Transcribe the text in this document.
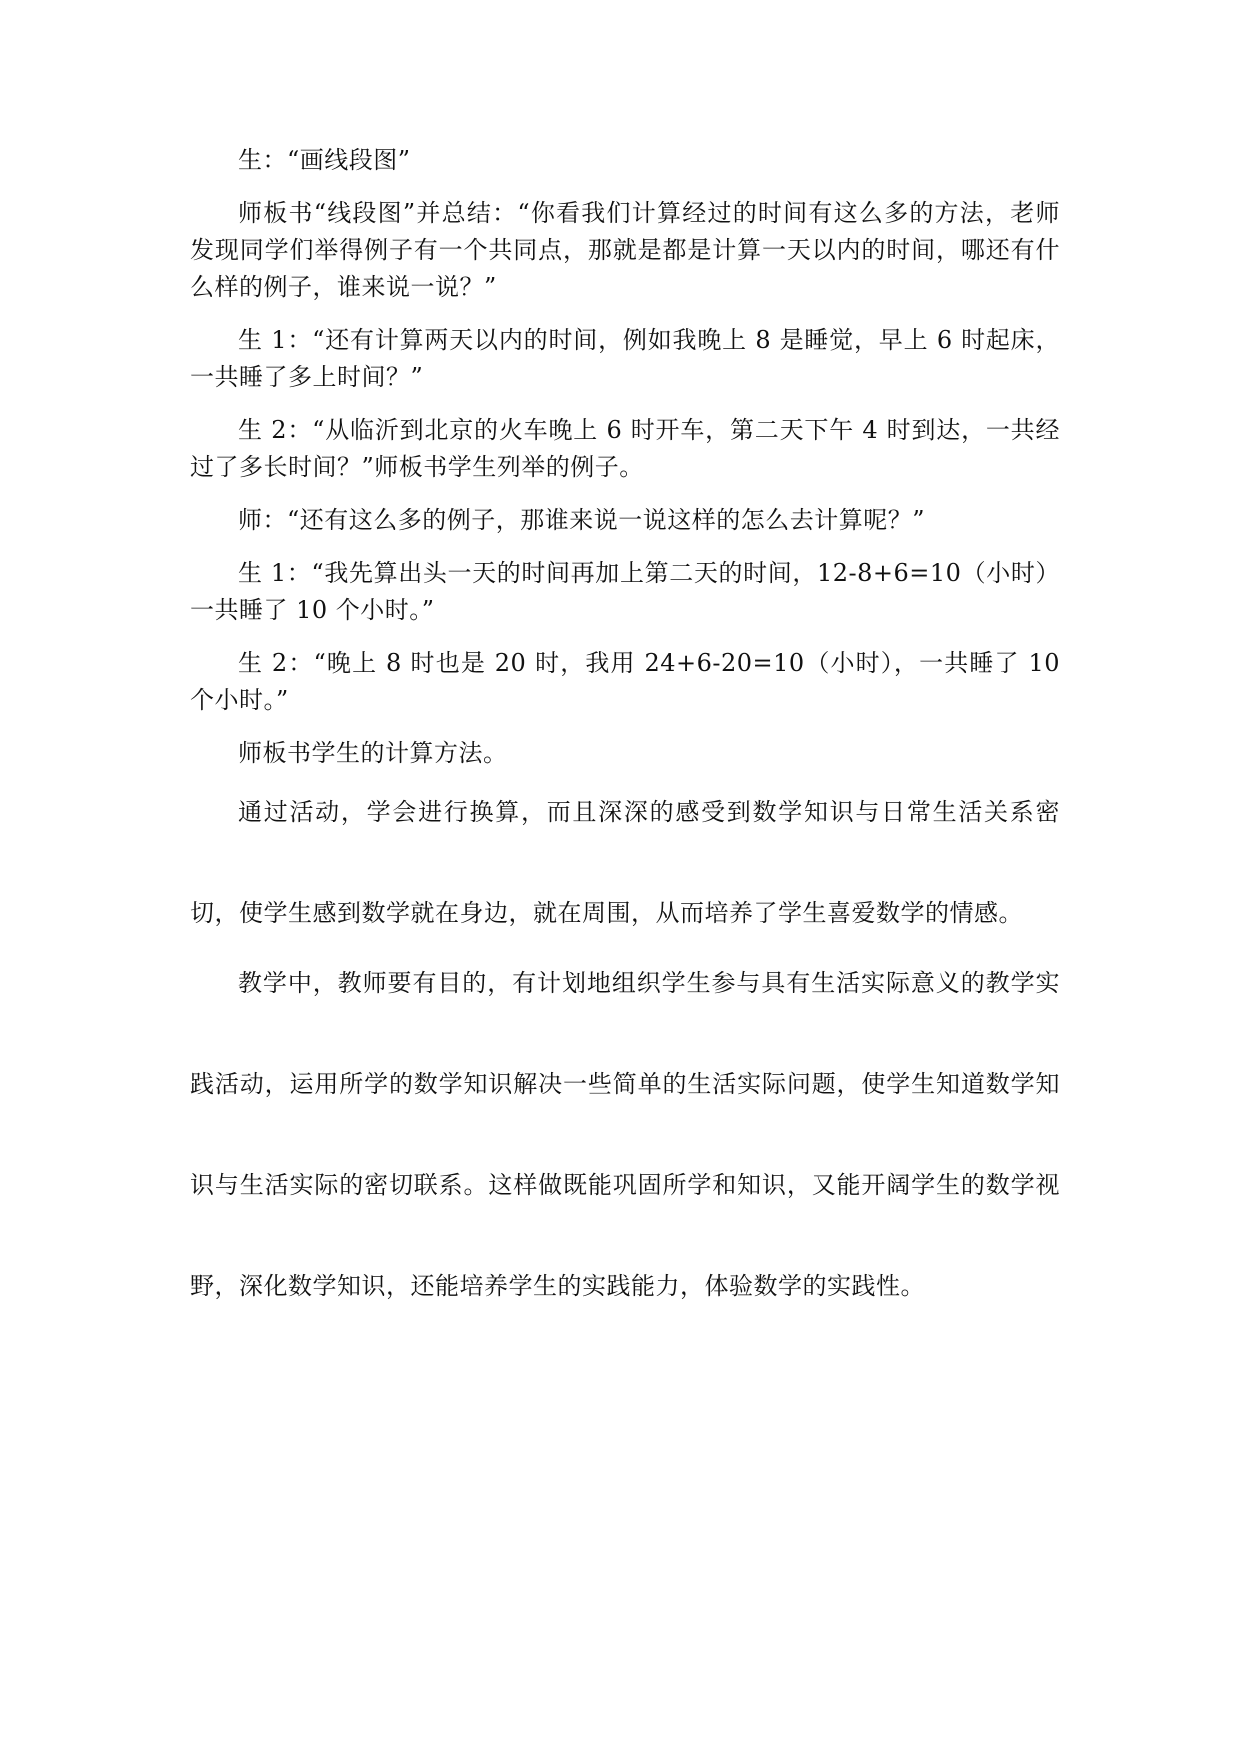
生：“画线段图”

师板书“线段图”并总结：“你看我们计算经过的时间有这么多的方法，老师发现同学们举得例子有一个共同点，那就是都是计算一天以内的时间，哪还有什么样的例子，谁来说一说？”

生 1：“还有计算两天以内的时间，例如我晚上 8 是睡觉，早上 6 时起床，一共睡了多上时间？”

生 2：“从临沂到北京的火车晚上 6 时开车，第二天下午 4 时到达，一共经过了多长时间？”师板书学生列举的例子。

师：“还有这么多的例子，那谁来说一说这样的怎么去计算呢？”

生 1：“我先算出头一天的时间再加上第二天的时间，12-8+6=10（小时）一共睡了 10 个小时。”

生 2：“晚上 8 时也是 20 时，我用 24+6-20=10（小时），一共睡了 10 个小时。”

师板书学生的计算方法。

通过活动，学会进行换算，而且深深的感受到数学知识与日常生活关系密切，使学生感到数学就在身边，就在周围，从而培养了学生喜爱数学的情感。

教学中，教师要有目的，有计划地组织学生参与具有生活实际意义的教学实践活动，运用所学的数学知识解决一些简单的生活实际问题，使学生知道数学知识与生活实际的密切联系。这样做既能巩固所学和知识，又能开阔学生的数学视野，深化数学知识，还能培养学生的实践能力，体验数学的实践性。
